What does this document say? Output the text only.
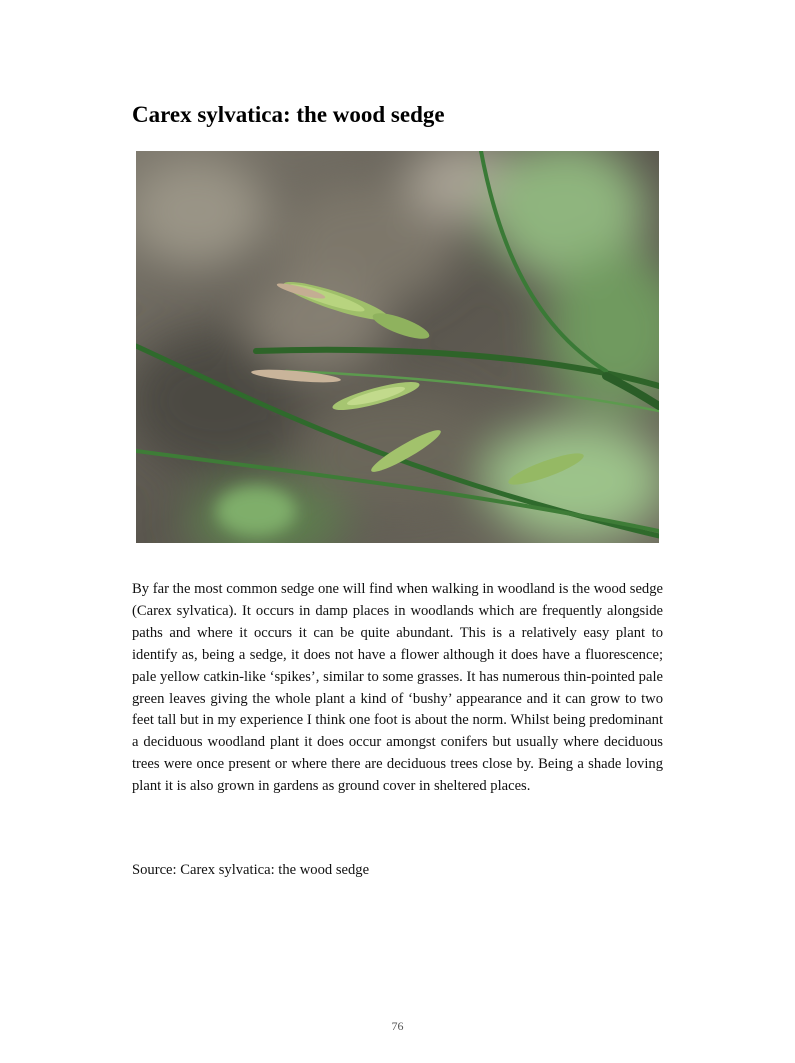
Carex sylvatica: the wood sedge

By far the most common sedge one will find when walking in woodland is the wood sedge (Carex sylvatica). It occurs in damp places in woodlands which are frequently alongside paths and where it occurs it can be quite abundant. This is a relatively easy plant to identify as, being a sedge, it does not have a flower although it does have a fluorescence; pale yellow catkin-like ‘spikes’, similar to some grasses. It has numerous thin-pointed pale green leaves giving the whole plant a kind of ‘bushy’ appearance and it can grow to two feet tall but in my experience I think one foot is about the norm. Whilst being predominant a deciduous woodland plant it does occur amongst conifers but usually where deciduous trees were once present or where there are deciduous trees close by. Being a shade loving plant it is also grown in gardens as ground cover in sheltered places.

Source: Carex sylvatica: the wood sedge

76
